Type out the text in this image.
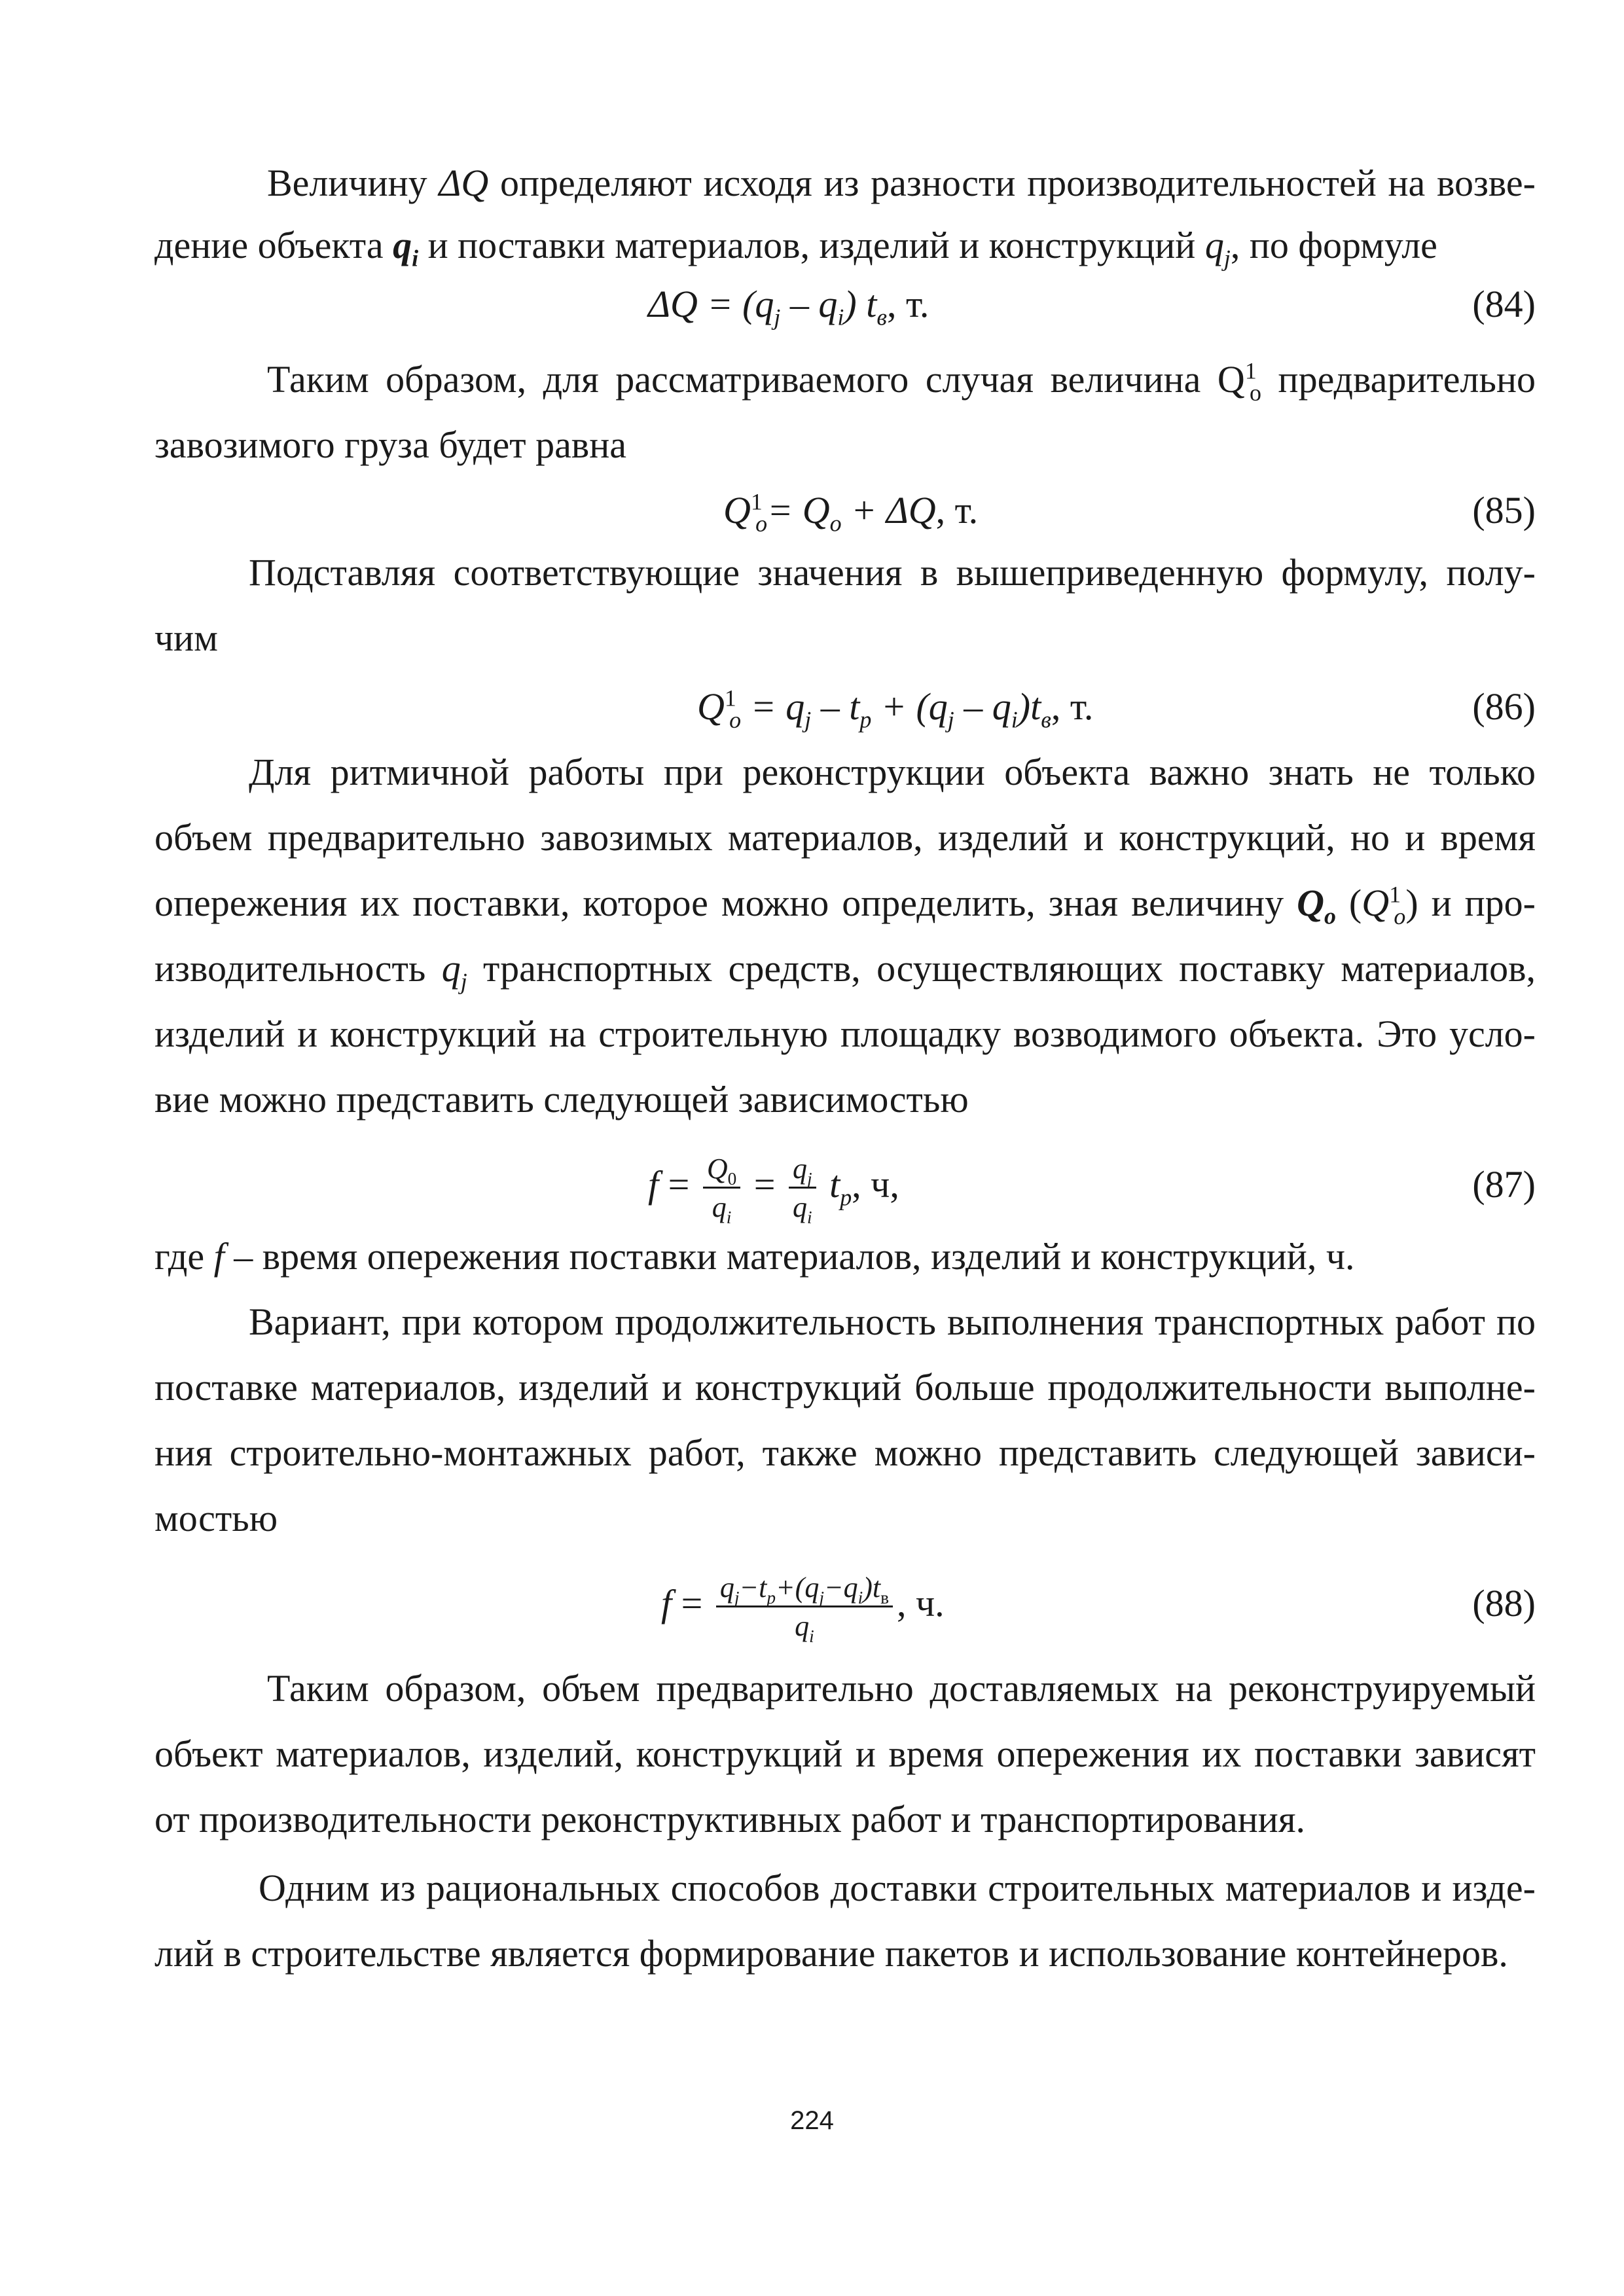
Величину ΔQ определяют исходя из разности производительностей на возве-
дение объекта $q_i$ и поставки материалов, изделий и конструкций $q_j$, по формуле
$\Delta Q = (q_j - q_i)$ $t_в$, т.	(84)
Таким образом, для рассматриваемого случая величина $Q^1_o$ предварительно
завозимого груза будет равна
$Q^1_o= Q_o + \Delta Q$, т.	(85)
Подставляя соответствующие значения в вышеприведенную формулу, полу-
чим
$Q^1_o = q_j - t_p + (q_j - q_i)t_в$, т.	(86)
Для ритмичной работы при реконструкции объекта важно знать не только
объем предварительно завозимых материалов, изделий и конструкций, но и время
опережения их поставки, которое можно определить, зная величину $Q_o$ $(Q^1_o)$ и про-
изводительность $q_j$ транспортных средств, осуществляющих поставку материалов,
изделий и конструкций на строительную площадку возводимого объекта. Это усло-
вие можно представить следующей зависимостью
$f = \frac{Q_0}{q_i} = \frac{q_j}{q_i} t_p$, ч,	(87)
где f – время опережения поставки материалов, изделий и конструкций, ч.
Вариант, при котором продолжительность выполнения транспортных работ по
поставке материалов, изделий и конструкций больше продолжительности выполне-
ния строительно-монтажных работ, также можно представить следующей зависи-
мостью
$f = \frac{q_j-t_p+(q_j-q_i)t_в}{q_i}$ , ч.	(88)
Таким образом, объем предварительно доставляемых на реконструируемый
объект материалов, изделий, конструкций и время опережения их поставки зависят
от производительности реконструктивных работ и транспортирования.
Одним из рациональных способов доставки строительных материалов и изде-
лий в строительстве является формирование пакетов и использование контейнеров.
224
